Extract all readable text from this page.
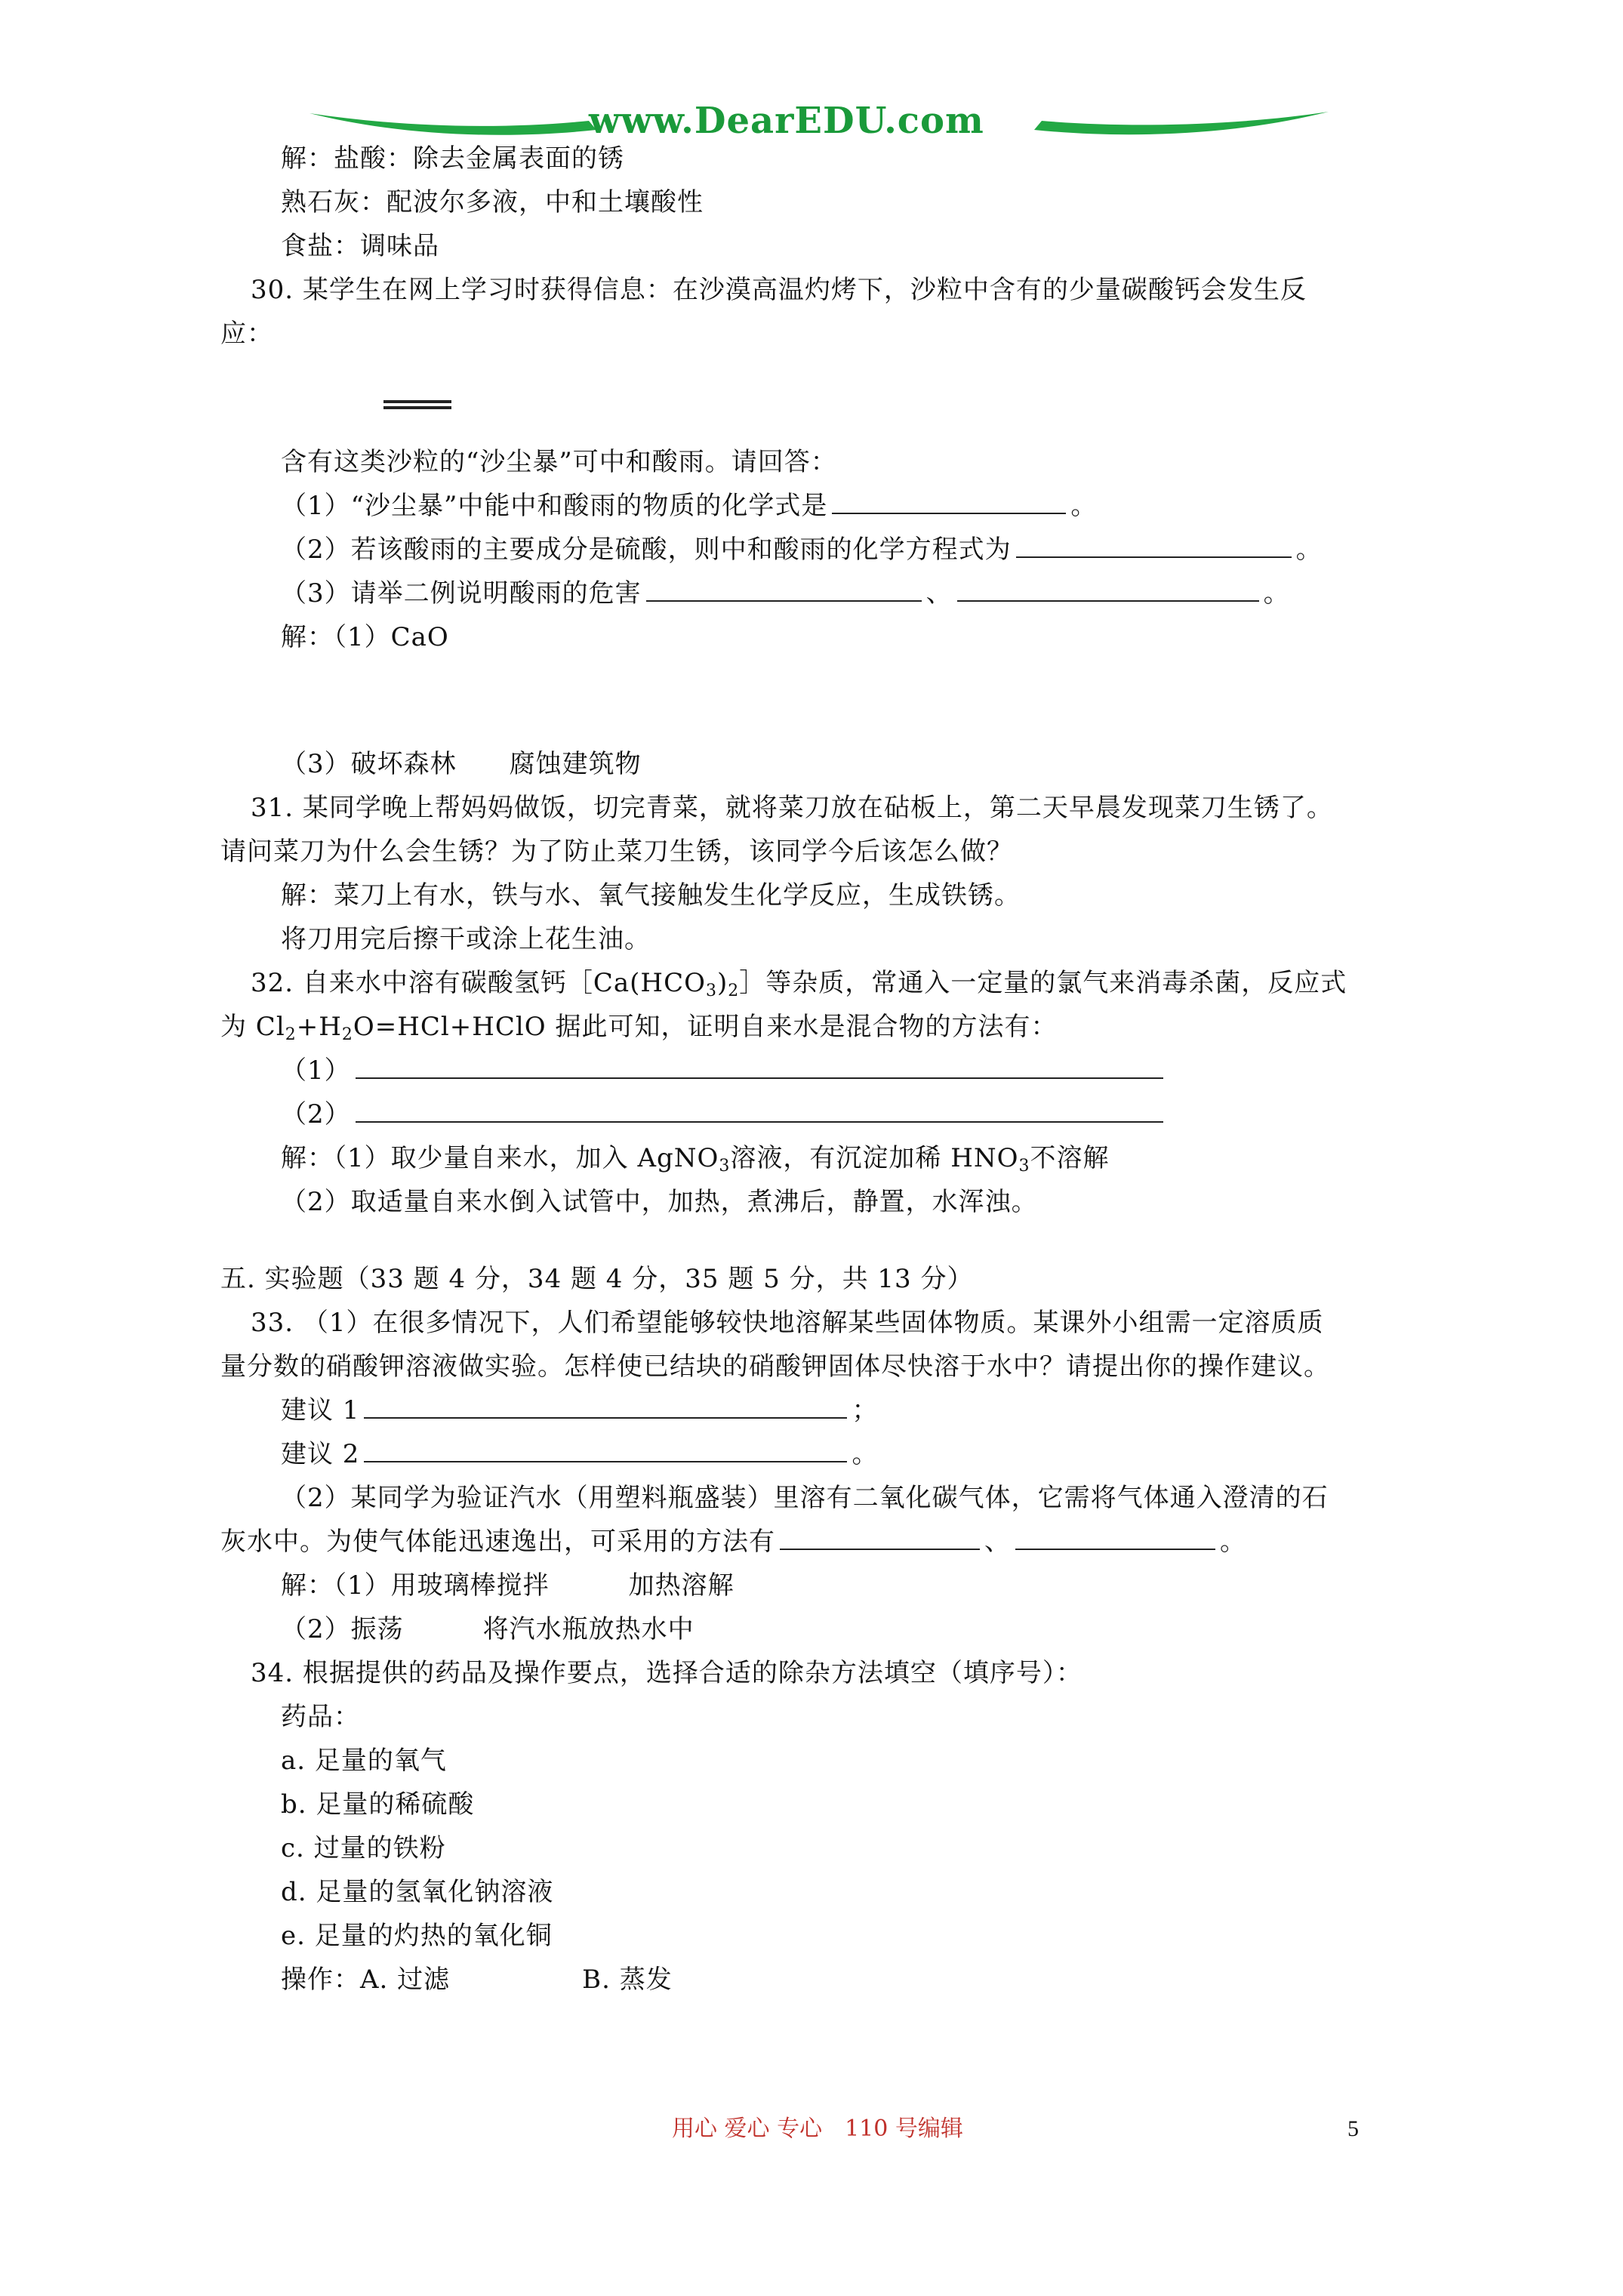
www.DearEDU.com
解：盐酸：除去金属表面的锈
熟石灰：配波尔多液，中和土壤酸性
食盐：调味品
30. 某学生在网上学习时获得信息：在沙漠高温灼烤下，沙粒中含有的少量碳酸钙会发生反
应：
含有这类沙粒的“沙尘暴”可中和酸雨。请回答：
（1）“沙尘暴”中能中和酸雨的物质的化学式是	。
（2）若该酸雨的主要成分是硫酸，则中和酸雨的化学方程式为	。
（3）请举二例说明酸雨的危害	、	。
解：（1）CaO
（3）破坏森林　　腐蚀建筑物
31. 某同学晚上帮妈妈做饭，切完青菜，就将菜刀放在砧板上，第二天早晨发现菜刀生锈了。
请问菜刀为什么会生锈？为了防止菜刀生锈，该同学今后该怎么做？
解：菜刀上有水，铁与水、氧气接触发生化学反应，生成铁锈。
将刀用完后擦干或涂上花生油。
32. 自来水中溶有碳酸氢钙$[Ca(HCO_3)_2]$等杂质，常通入一定量的氯气来消毒杀菌，反应式
为 $Cl_2+H_2O=HCl+HClO$ 据此可知，证明自来水是混合物的方法有：
（1）
（2）
解：（1）取少量自来水，加入 AgNO$_3$溶液，有沉淀加稀 $HNO_3$不溶解
（2）取适量自来水倒入试管中，加热，煮沸后，静置，水浑浊。
五. 实验题（33 题 4 分，34 题 4 分，35 题 5 分，共 13 分）
33. （1）在很多情况下，人们希望能够较快地溶解某些固体物质。某课外小组需一定溶质质
量分数的硝酸钾溶液做实验。怎样使已结块的硝酸钾固体尽快溶于水中？请提出你的操作建议。
建议 1	；
建议 2	。
（2）某同学为验证汽水（用塑料瓶盛装）里溶有二氧化碳气体，它需将气体通入澄清的石
灰水中。为使气体能迅速逸出，可采用的方法有	、	。
解：（1）用玻璃棒搅拌　　　加热溶解
（2）振荡　　　将汽水瓶放热水中
34. 根据提供的药品及操作要点，选择合适的除杂方法填空（填序号）：
药品：
a. 足量的氧气
b. 足量的稀硫酸
c. 过量的铁粉
d. 足量的氢氧化钠溶液
e. 足量的灼热的氧化铜
操作：A. 过滤　　　　　B. 蒸发
用心 爱心 专心　110 号编辑	5
